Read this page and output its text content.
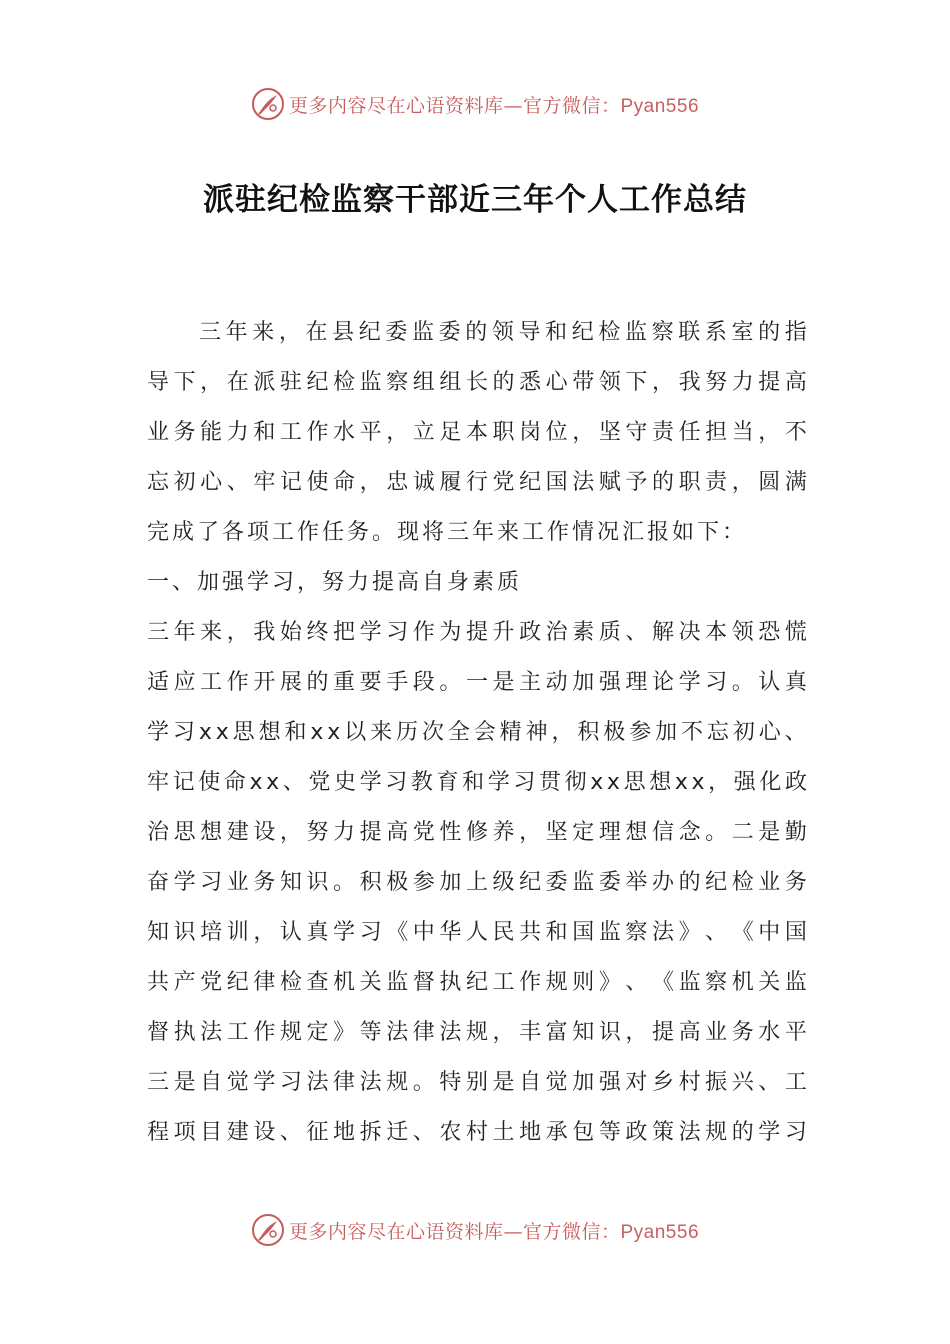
更多内容尽在心语资料库—官方微信：Pyan556
派驻纪检监察干部近三年个人工作总结
三 年 来 ， 在 县 纪 委 监 委 的 领 导 和 纪 检 监 察 联 系 室 的 指
导 下 ， 在 派 驻 纪 检 监 察 组 组 长 的 悉 心 带 领 下 ， 我 努 力 提 高
业 务 能 力 和 工 作 水 平 ， 立 足 本 职 岗 位 ， 坚 守 责 任 担 当 ， 不
忘 初 心 、 牢 记 使 命 ， 忠 诚 履 行 党 纪 国 法 赋 予 的 职 责 ， 圆 满
完成了各项工作任务。现将三年来工作情况汇报如下：
一、加强学习，努力提高自身素质
三 年 来 ， 我 始 终 把 学 习 作 为 提 升 政 治 素 质 、 解 决 本 领 恐 慌
适 应 工 作 开 展 的 重 要 手 段 。 一 是 主 动 加 强 理 论 学 习 。 认 真
学 习 x x 思 想 和 x x 以 来 历 次 全 会 精 神 ， 积 极 参 加 不 忘 初 心 、
牢 记 使 命 x x 、 党 史 学 习 教 育 和 学 习 贯 彻 x x 思 想 x x ， 强 化 政
治 思 想 建 设 ， 努 力 提 高 党 性 修 养 ， 坚 定 理 想 信 念 。 二 是 勤
奋 学 习 业 务 知 识 。 积 极 参 加 上 级 纪 委 监 委 举 办 的 纪 检 业 务
知 识 培 训 ， 认 真 学 习 《 中 华 人 民 共 和 国 监 察 法 》 、 《 中 国
共 产 党 纪 律 检 查 机 关 监 督 执 纪 工 作 规 则 》 、 《 监 察 机 关 监
督 执 法 工 作 规 定 》 等 法 律 法 规 ， 丰 富 知 识 ， 提 高 业 务 水 平
三 是 自 觉 学 习 法 律 法 规 。 特 别 是 自 觉 加 强 对 乡 村 振 兴 、 工
程 项 目 建 设 、 征 地 拆 迁 、 农 村 土 地 承 包 等 政 策 法 规 的 学 习
更多内容尽在心语资料库—官方微信：Pyan556
